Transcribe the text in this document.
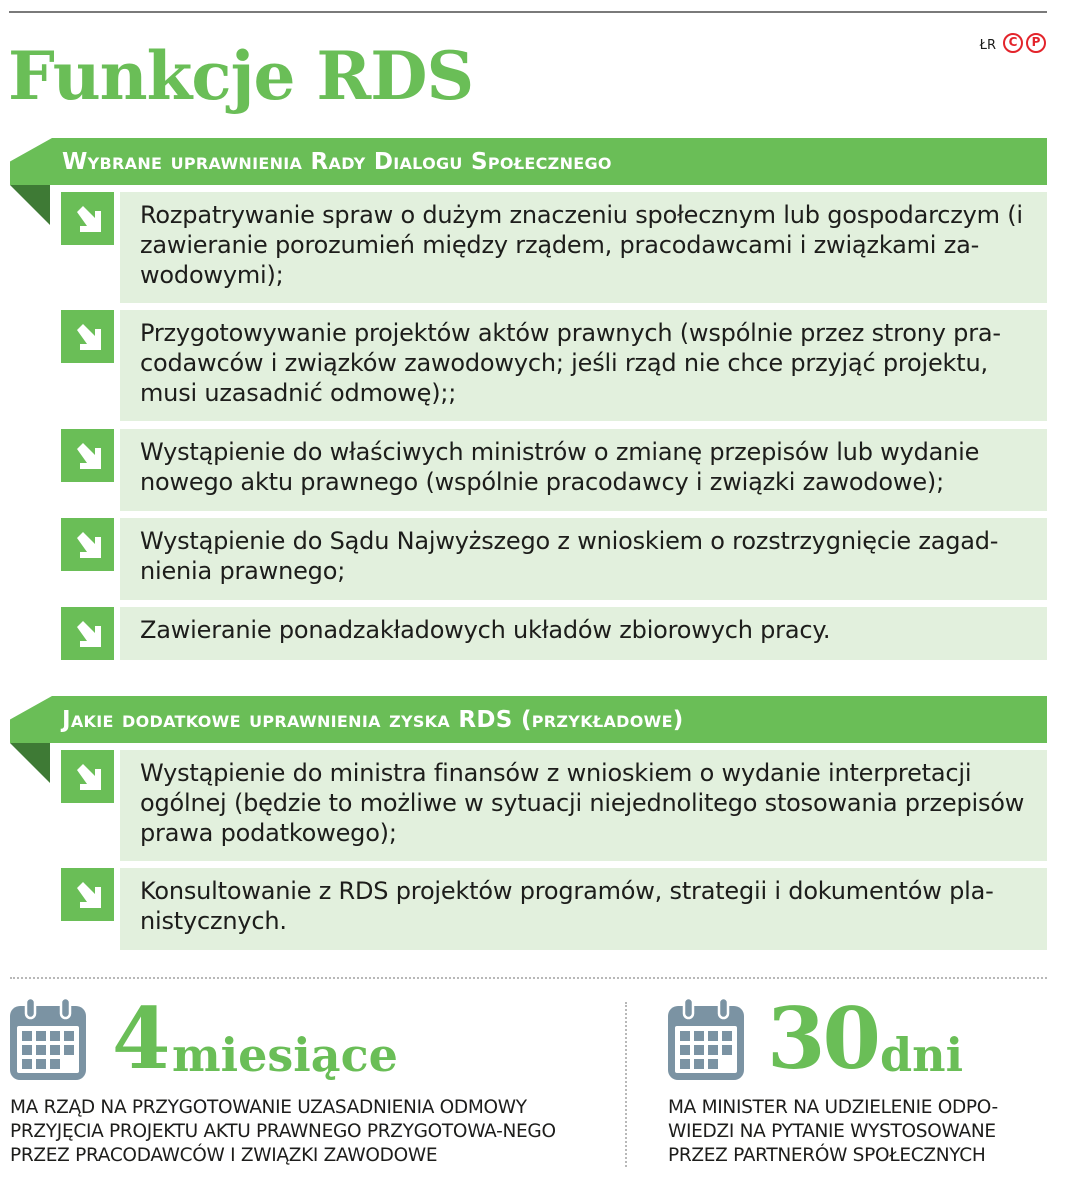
Funkcje RDS	ŁR	C	P
Wybrane uprawnienia Rady Dialogu Społecznego
Rozpatrywanie spraw o dużym znaczeniu społecznym lub gospodarczym (i zawieranie porozumień między rządem, pracodawcami i związkami za-wodowymi);
Przygotowywanie projektów aktów prawnych (wspólnie przez strony pra-codawców i związków zawodowych; jeśli rząd nie chce przyjąć projektu, musi uzasadnić odmowę);;
Wystąpienie do właściwych ministrów o zmianę przepisów lub wydanie nowego aktu prawnego (wspólnie pracodawcy i związki zawodowe);
Wystąpienie do Sądu Najwyższego z wnioskiem o rozstrzygnięcie zagad-nienia prawnego;
Zawieranie ponadzakładowych układów zbiorowych pracy.
Jakie dodatkowe uprawnienia zyska RDS (przykładowe)
Wystąpienie do ministra finansów z wnioskiem o wydanie interpretacji ogólnej (będzie to możliwe w sytuacji niejednolitego stosowania przepisów prawa podatkowego);
Konsultowanie z RDS projektów programów, strategii i dokumentów pla-nistycznych.
4 miesiące
MA RZĄD NA PRZYGOTOWANIE UZASADNIENIA ODMOWY PRZYJĘCIA PROJEKTU AKTU PRAWNEGO PRZYGOTOWA-NEGO PRZEZ PRACODAWCÓW I ZWIĄZKI ZAWODOWE
30 dni
MA MINISTER NA UDZIELENIE ODPO-WIEDZI NA PYTANIE WYSTOSOWANE PRZEZ PARTNERÓW SPOŁECZNYCH
